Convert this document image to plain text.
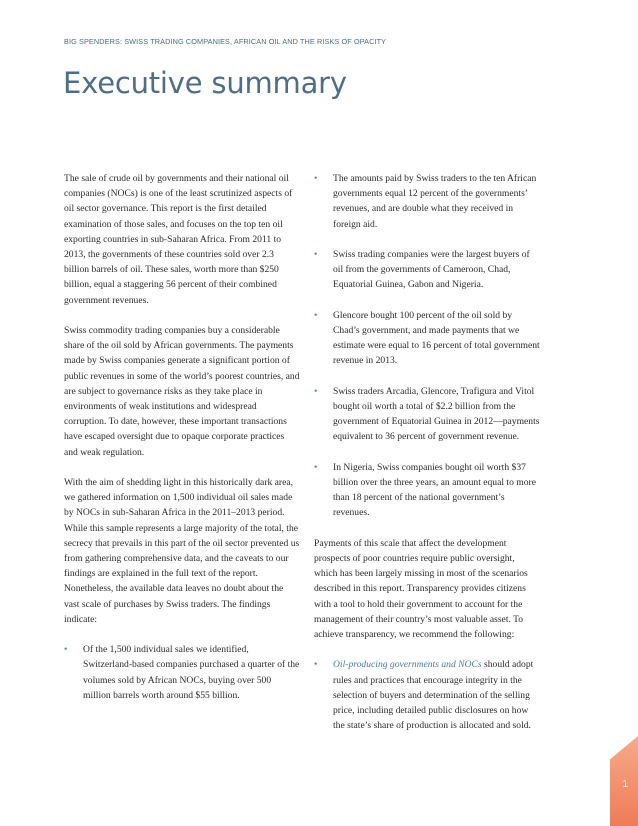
BIG SPENDERS: SWISS TRADING COMPANIES, AFRICAN OIL AND THE RISKS OF OPACITY
Executive summary

The sale of crude oil by governments and their national oil companies (NOCs) is one of the least scrutinized aspects of oil sector governance. This report is the first detailed examination of those sales, and focuses on the top ten oil exporting countries in sub-Saharan Africa. From 2011 to 2013, the governments of these countries sold over 2.3 billion barrels of oil. These sales, worth more than $250 billion, equal a staggering 56 percent of their combined government revenues.

Swiss commodity trading companies buy a considerable share of the oil sold by African governments. The payments made by Swiss companies generate a significant portion of public revenues in some of the world’s poorest countries, and are subject to governance risks as they take place in environments of weak institutions and widespread corruption. To date, however, these important transactions have escaped oversight due to opaque corporate practices and weak regulation.

With the aim of shedding light in this historically dark area, we gathered information on 1,500 individual oil sales made by NOCs in sub-Saharan Africa in the 2011–2013 period. While this sample represents a large majority of the total, the secrecy that prevails in this part of the oil sector prevented us from gathering comprehensive data, and the caveats to our findings are explained in the full text of the report. Nonetheless, the available data leaves no doubt about the vast scale of purchases by Swiss traders. The findings indicate:

• Of the 1,500 individual sales we identified, Switzerland-based companies purchased a quarter of the volumes sold by African NOCs, buying over 500 million barrels worth around $55 billion.
• The amounts paid by Swiss traders to the ten African governments equal 12 percent of the governments’ revenues, and are double what they received in foreign aid.
• Swiss trading companies were the largest buyers of oil from the governments of Cameroon, Chad, Equatorial Guinea, Gabon and Nigeria.
• Glencore bought 100 percent of the oil sold by Chad’s government, and made payments that we estimate were equal to 16 percent of total government revenue in 2013.
• Swiss traders Arcadia, Glencore, Trafigura and Vitol bought oil worth a total of $2.2 billion from the government of Equatorial Guinea in 2012—payments equivalent to 36 percent of government revenue.
• In Nigeria, Swiss companies bought oil worth $37 billion over the three years, an amount equal to more than 18 percent of the national government’s revenues.

Payments of this scale that affect the development prospects of poor countries require public oversight, which has been largely missing in most of the scenarios described in this report. Transparency provides citizens with a tool to hold their government to account for the management of their country’s most valuable asset. To achieve transparency, we recommend the following:

• Oil-producing governments and NOCs should adopt rules and practices that encourage integrity in the selection of buyers and determination of the selling price, including detailed public disclosures on how the state’s share of production is allocated and sold.
1
